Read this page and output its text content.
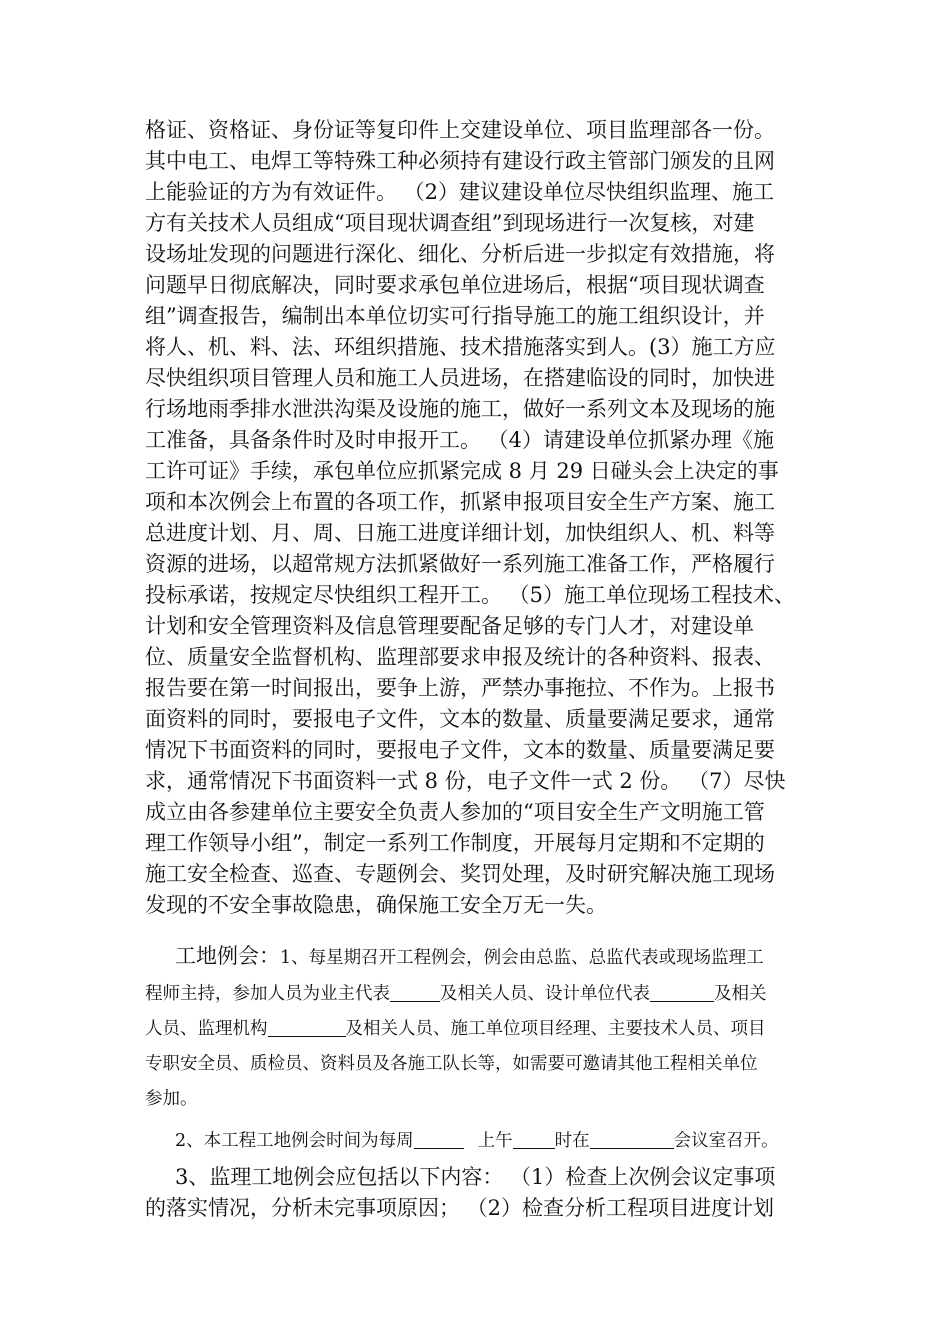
格证、资格证、身份证等复印件上交建设单位、项目监理部各一份。
其中电工、电焊工等特殊工种必须持有建设行政主管部门颁发的且网
上能验证的方为有效证件。 （2）建议建设单位尽快组织监理、施工
方有关技术人员组成“项目现状调查组”到现场进行一次复核，对建
设场址发现的问题进行深化、细化、分析后进一步拟定有效措施，将
问题早日彻底解决，同时要求承包单位进场后，根据“项目现状调查
组”调查报告，编制出本单位切实可行指导施工的施工组织设计，并
将人、机、料、法、环组织措施、技术措施落实到人。(3）施工方应
尽快组织项目管理人员和施工人员进场，在搭建临设的同时，加快进
行场地雨季排水泄洪沟渠及设施的施工，做好一系列文本及现场的施
工准备，具备条件时及时申报开工。 （4）请建设单位抓紧办理《施
工许可证》手续，承包单位应抓紧完成 8 月 29 日碰头会上决定的事
项和本次例会上布置的各项工作，抓紧申报项目安全生产方案、施工
总进度计划、月、周、日施工进度详细计划，加快组织人、机、料等
资源的进场，以超常规方法抓紧做好一系列施工准备工作，严格履行
投标承诺，按规定尽快组织工程开工。 （5）施工单位现场工程技术、
计划和安全管理资料及信息管理要配备足够的专门人才，对建设单
位、质量安全监督机构、监理部要求申报及统计的各种资料、报表、
报告要在第一时间报出，要争上游，严禁办事拖拉、不作为。上报书
面资料的同时，要报电子文件，文本的数量、质量要满足要求，通常
情况下书面资料的同时，要报电子文件，文本的数量、质量要满足要
求，通常情况下书面资料一式 8 份，电子文件一式 2 份。 （7）尽快
成立由各参建单位主要安全负责人参加的“项目安全生产文明施工管
理工作领导小组”，制定一系列工作制度，开展每月定期和不定期的
施工安全检查、巡查、专题例会、奖罚处理，及时研究解决施工现场
发现的不安全事故隐患，确保施工安全万无一失。
工地例会：1、每星期召开工程例会，例会由总监、总监代表或现场监理工
程师主持，参加人员为业主代表	及相关人员、设计单位代表	及相关
人员、监理机构	及相关人员、施工单位项目经理、主要技术人员、项目
专职安全员、质检员、资料员及各施工队长等，如需要可邀请其他工程相关单位
参加。
2、本工程工地例会时间为每周	上午 时在	会议室召开。
3、监理工地例会应包括以下内容： （1）检查上次例会议定事项
的落实情况，分析未完事项原因； （2）检查分析工程项目进度计划
